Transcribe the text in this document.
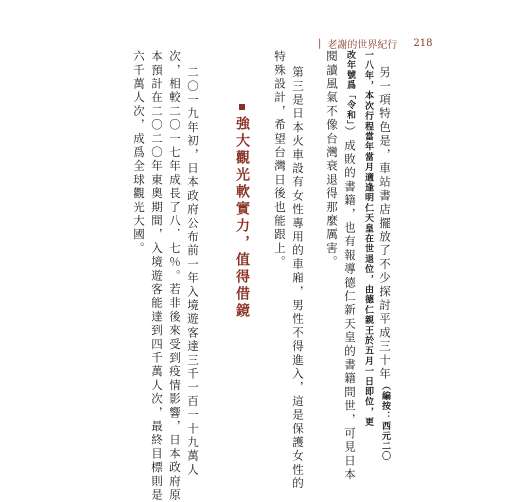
| 老謝的世界紀行 218
另一項特色是，車站書店擺放了不少探討平成三十年（編按：西元二〇
一八年，本次行程當年當月適逢明仁天皇在世退位，由德仁親王於五月一日即位，更
改年號爲「令和」）成敗的書籍，也有報導德仁新天皇的書籍問世，可見日本
閱讀風氣不像台灣衰退得那麼厲害。
第三是日本火車設有女性專用的車廂，男性不得進入，這是保護女性的
特殊設計，希望台灣日後也能跟上。
強大觀光軟實力，值得借鏡
二〇一九年初，日本政府公布前一年入境遊客達三千一百一十九萬人
次，相較二〇一七年成長了八．七％。若非後來受到疫情影響，日本政府原
本預計在二〇二〇年東奧期間，入境遊客能達到四千萬人次，最終目標則是
六千萬人次，成爲全球觀光大國。
